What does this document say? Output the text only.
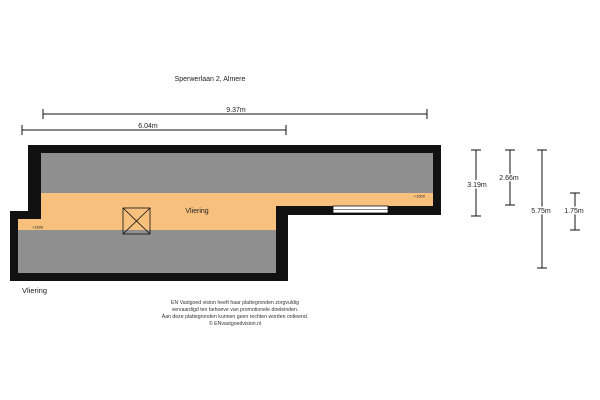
Sperwerlaan 2, Almere
9.37m
6.04m
Vliering
+1500
+1500
3.19m
2.66m
5.75m 1.75m
Vliering
EN Vastgoed vision heeft haar plattegronden zorgvuldig
vervaardigd ten behoeve van promotionele doeleinden.
Aan deze plattegronden kunnen geen rechten worden ontleend.
© ENvastgoedvision.nl
